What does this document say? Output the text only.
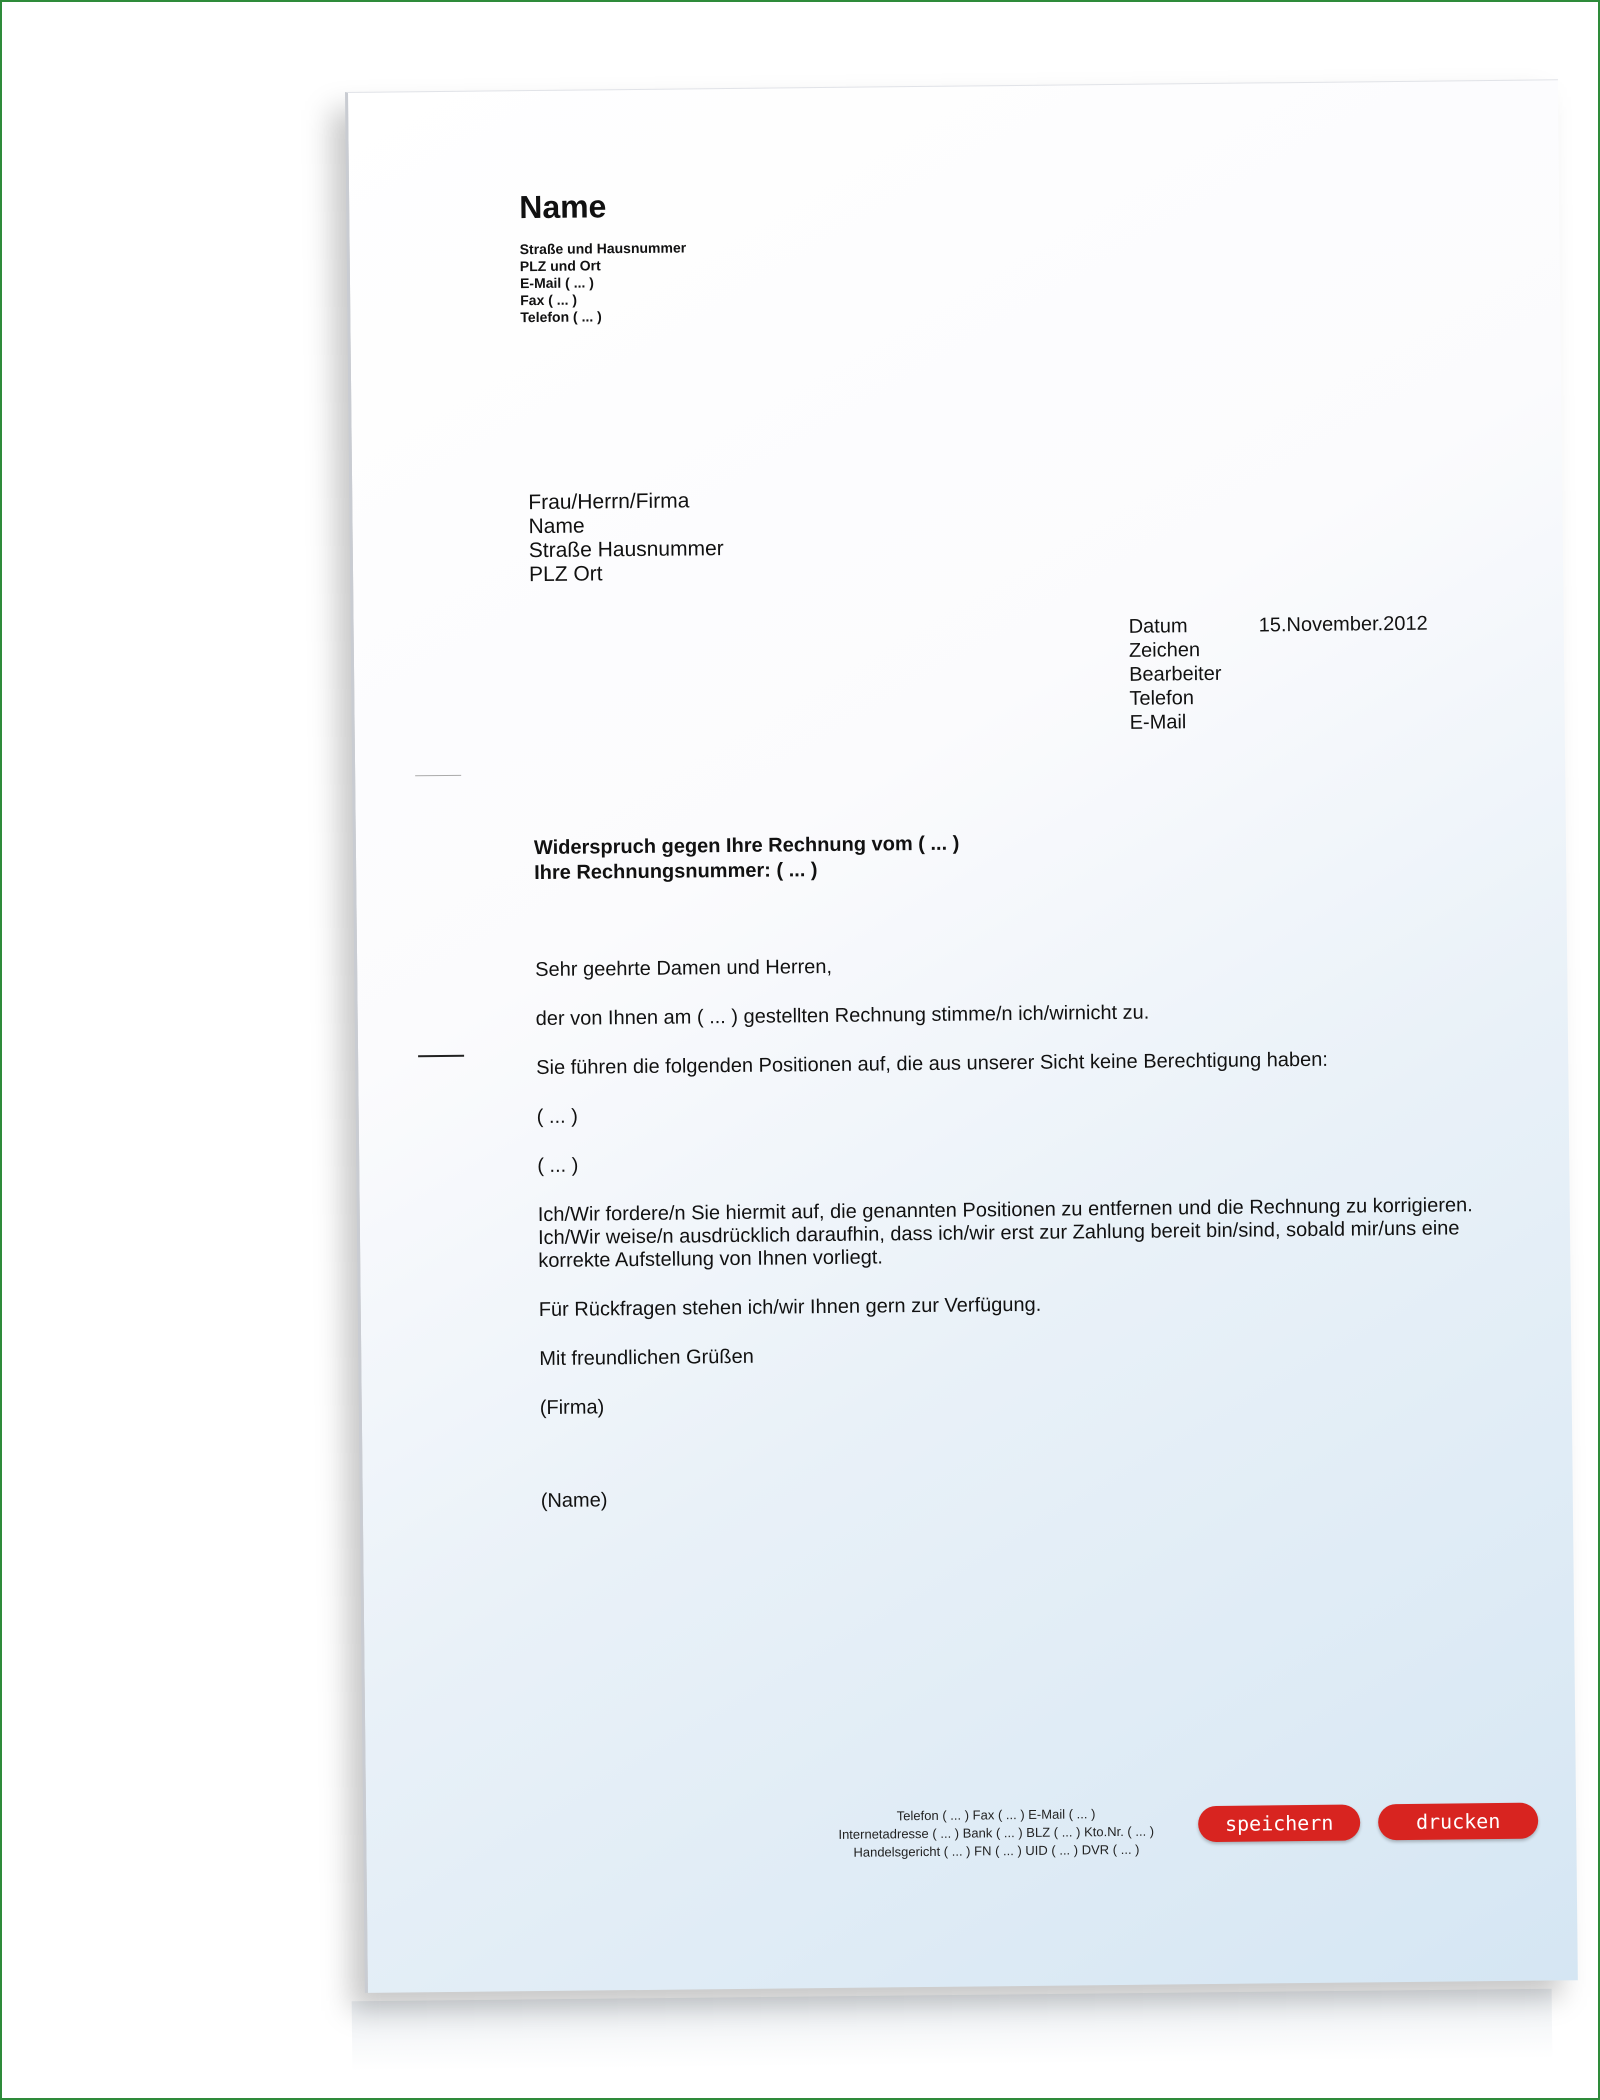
Name
Straße und Hausnummer
PLZ und Ort
E-Mail ( ... )
Fax ( ... )
Telefon ( ... )
Frau/Herrn/Firma
Name
Straße Hausnummer
PLZ Ort
Datum	15.November.2012
Zeichen
Bearbeiter
Telefon
E-Mail
Widerspruch gegen Ihre Rechnung vom ( ... )
Ihre Rechnungsnummer: ( ... )

Sehr geehrte Damen und Herren,

der von Ihnen am ( ... ) gestellten Rechnung stimme/n ich/wirnicht zu.

Sie führen die folgenden Positionen auf, die aus unserer Sicht keine Berechtigung haben:

( ... )

( ... )

Ich/Wir fordere/n Sie hiermit auf, die genannten Positionen zu entfernen und die Rechnung zu korrigieren. Ich/Wir weise/n ausdrücklich daraufhin, dass ich/wir erst zur Zahlung bereit bin/sind, sobald mir/uns eine korrekte Aufstellung von Ihnen vorliegt.

Für Rückfragen stehen ich/wir Ihnen gern zur Verfügung.

Mit freundlichen Grüßen

(Firma)

(Name)

Telefon ( ... ) Fax ( ... ) E-Mail ( ... )
Internetadresse ( ... ) Bank ( ... ) BLZ ( ... ) Kto.Nr. ( ... )
Handelsgericht ( ... ) FN ( ... ) UID ( ... ) DVR ( ... )
speichern	drucken
